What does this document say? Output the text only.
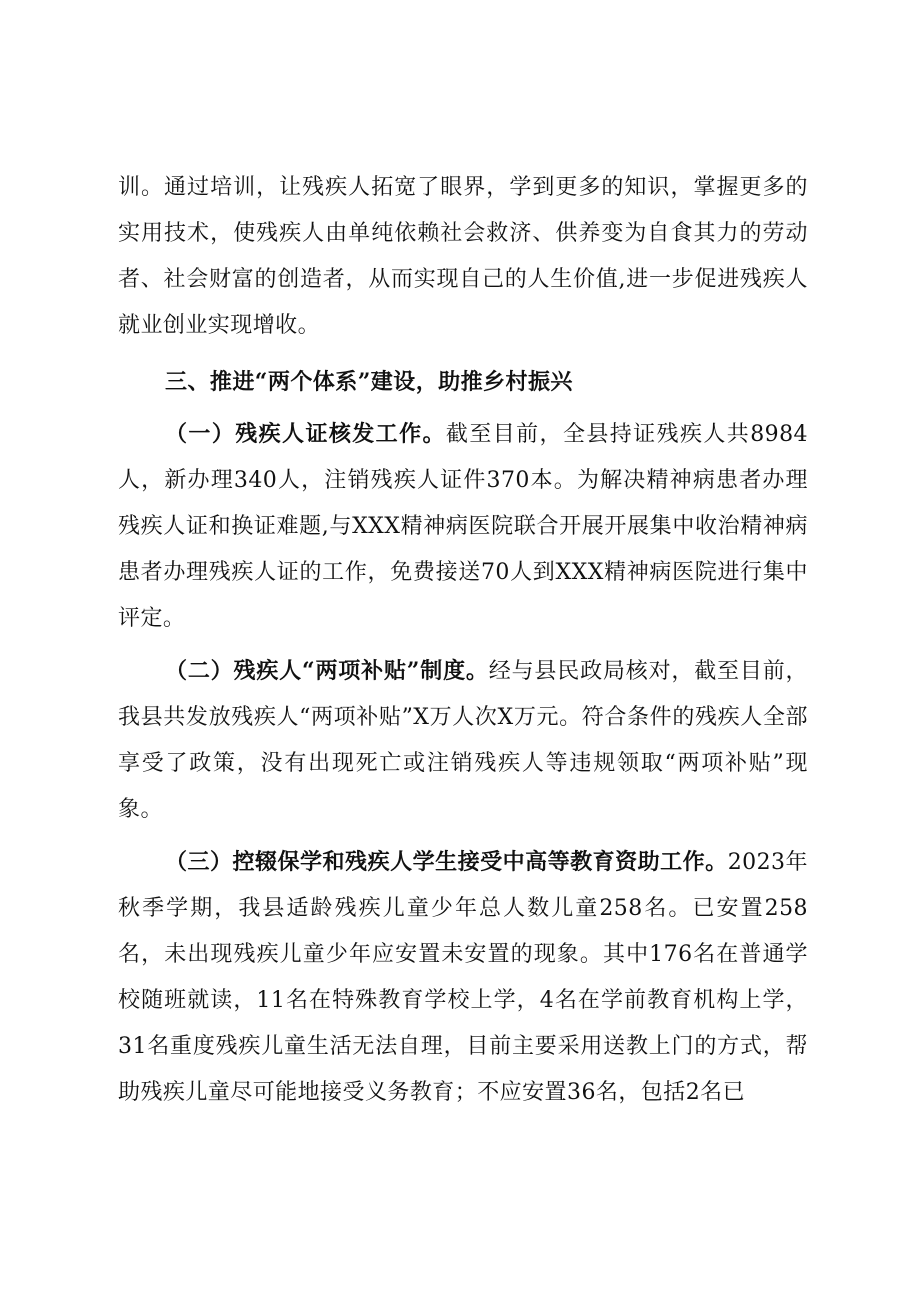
训。通过培训，让残疾人拓宽了眼界，学到更多的知识，掌握更多的实用技术，使残疾人由单纯依赖社会救济、供养变为自食其力的劳动者、社会财富的创造者，从而实现自己的人生价值,进一步促进残疾人就业创业实现增收。

三、推进“两个体系”建设，助推乡村振兴

（一）残疾人证核发工作。截至目前，全县持证残疾人共8984人，新办理340人，注销残疾人证件370本。为解决精神病患者办理残疾人证和换证难题,与XXX精神病医院联合开展开展集中收治精神病患者办理残疾人证的工作，免费接送70人到XXX精神病医院进行集中评定。

（二）残疾人“两项补贴”制度。经与县民政局核对，截至目前，我县共发放残疾人“两项补贴”X万人次X万元。符合条件的残疾人全部享受了政策，没有出现死亡或注销残疾人等违规领取“两项补贴”现象。

（三）控辍保学和残疾人学生接受中高等教育资助工作。2023年秋季学期，我县适龄残疾儿童少年总人数儿童258名。已安置258名，未出现残疾儿童少年应安置未安置的现象。其中176名在普通学校随班就读，11名在特殊教育学校上学，4名在学前教育机构上学，31名重度残疾儿童生活无法自理，目前主要采用送教上门的方式，帮助残疾儿童尽可能地接受义务教育；不应安置36名，包括2名已
